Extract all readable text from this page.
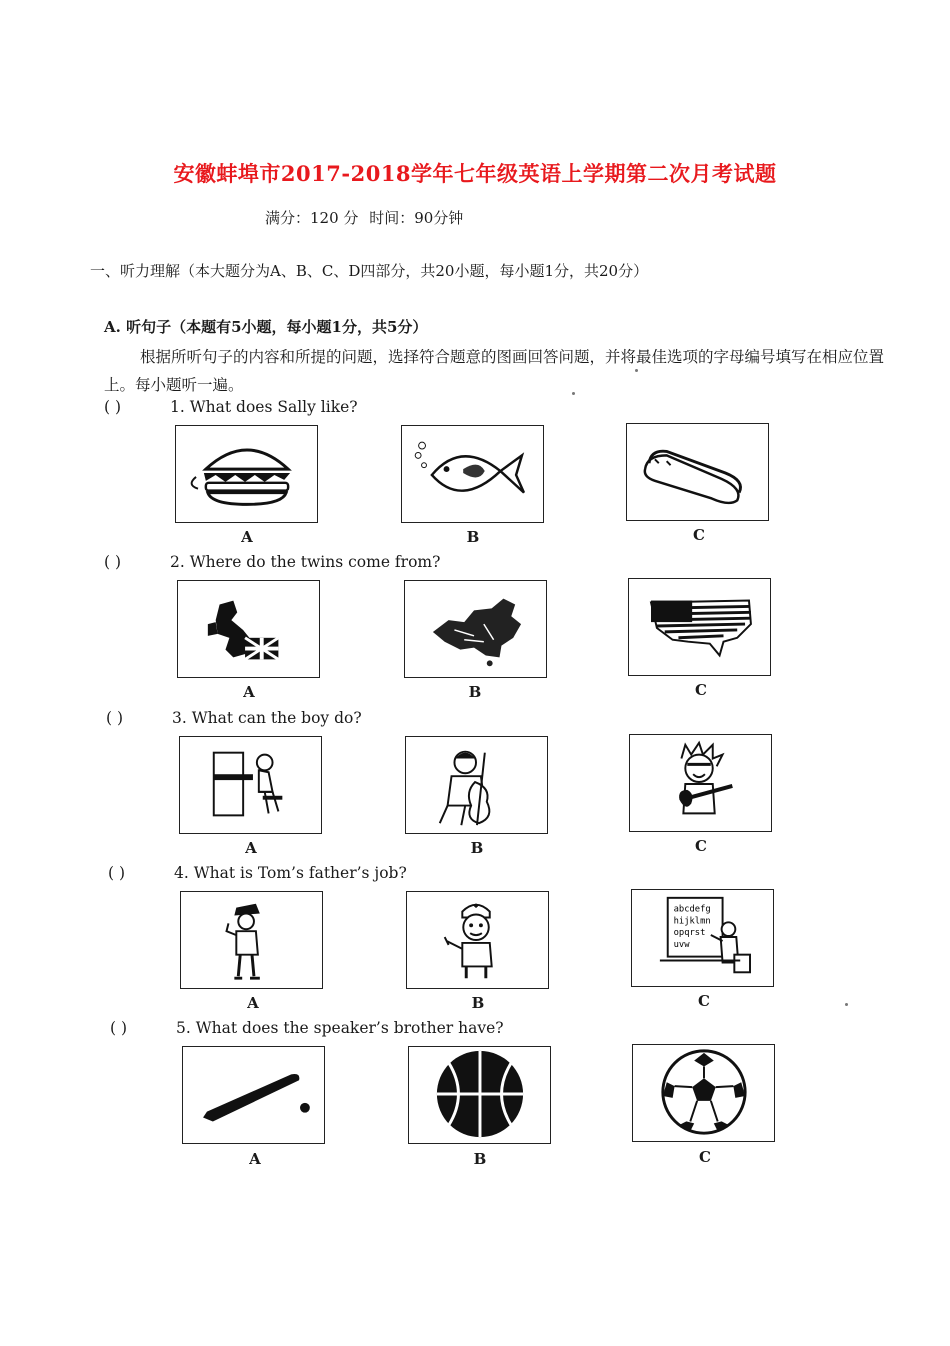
安徽蚌埠市2017-2018学年七年级英语上学期第二次月考试题
满分：120 分 时间：90分钟
一、听力理解（本大题分为A、B、C、D四部分，共20小题，每小题1分，共20分）
A. 听句子（本题有5小题，每小题1分，共5分）
根据所听句子的内容和所提的问题，选择符合题意的图画回答问题，并将最佳选项的字母编号填写在相应位置上。每小题听一遍。
( )	1. What does Sally like?
A	B	C
( )	2. Where do the twins come from?
A	B	C
( )	3. What can the boy do?
A	B	C
( )	4. What is Tom’s father’s job?
abcdefg
hijklmn
opqrst
uvw
A	B	C
( )	5. What does the speaker’s brother have?
A	B	C
